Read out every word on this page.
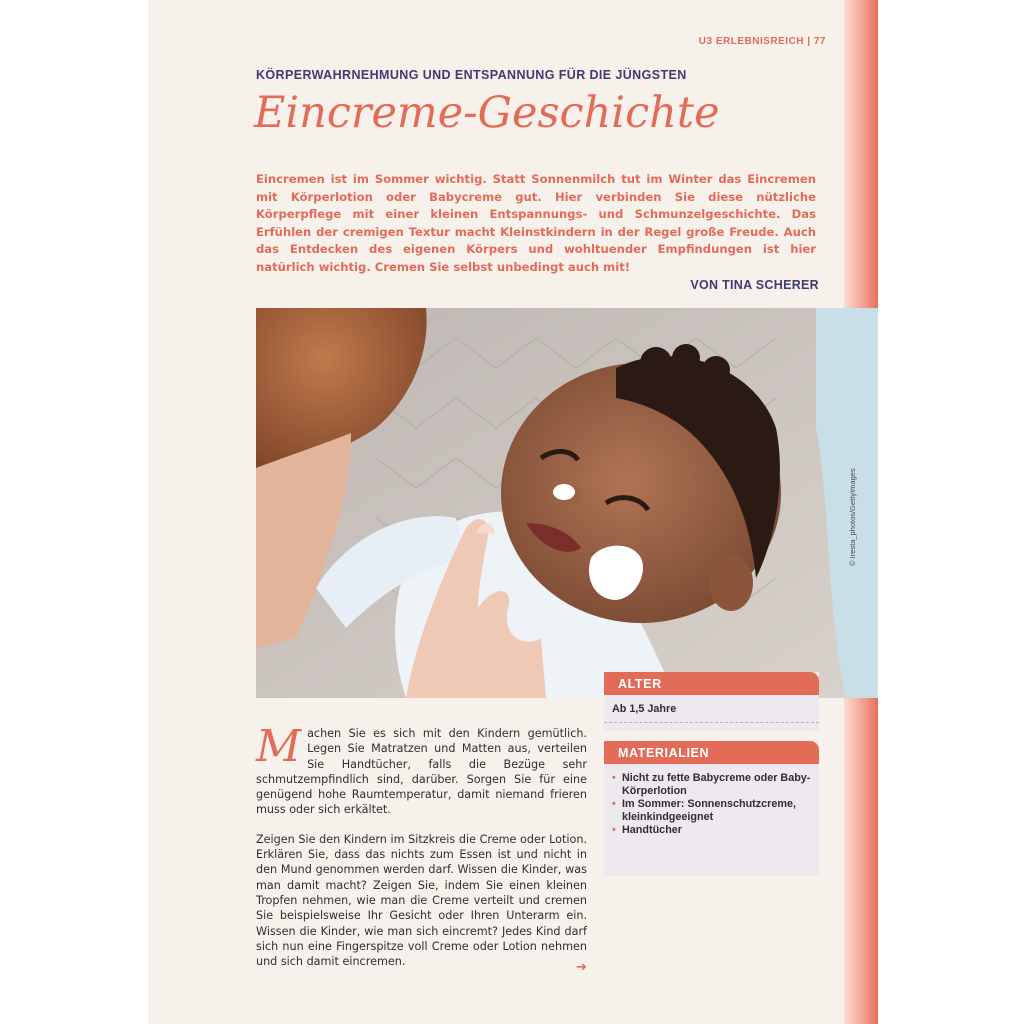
U3 ERLEBNISREICH | 77
KÖRPERWAHRNEHMUNG UND ENTSPANNUNG FÜR DIE JÜNGSTEN
Eincreme-Geschichte
Eincremen ist im Sommer wichtig. Statt Sonnenmilch tut im Winter das Eincremen mit Körperlotion oder Babycreme gut. Hier verbinden Sie diese nützliche Körperpflege mit einer kleinen Entspannungs- und Schmunzelgeschichte. Das Erfühlen der cremigen Textur macht Kleinstkindern in der Regel große Freude. Auch das Entdecken des eigenen Körpers und wohltuender Empfindungen ist hier natürlich wichtig. Cremen Sie selbst unbedingt auch mit!
VON TINA SCHERER
© Iresta_photos/GettyImages

Machen Sie es sich mit den Kindern gemütlich. Legen Sie Matratzen und Matten aus, verteilen Sie Handtücher, falls die Bezüge sehr schmutzempfindlich sind, darüber. Sorgen Sie für eine genügend hohe Raumtemperatur, damit niemand frieren muss oder sich erkältet.

Zeigen Sie den Kindern im Sitzkreis die Creme oder Lotion. Erklären Sie, dass das nichts zum Essen ist und nicht in den Mund genommen werden darf. Wissen die Kinder, was man damit macht? Zeigen Sie, indem Sie einen kleinen Tropfen nehmen, wie man die Creme verteilt und cremen Sie beispielsweise Ihr Gesicht oder Ihren Unterarm ein. Wissen die Kinder, wie man sich eincremt? Jedes Kind darf sich nun eine Fingerspitze voll Creme oder Lotion nehmen und sich damit eincremen.	➔
ALTER
Ab 1,5 Jahre
MATERIALIEN
• Nicht zu fette Babycreme oder Baby-Körperlotion
• Im Sommer: Sonnenschutzcreme, kleinkindgeeignet
• Handtücher
